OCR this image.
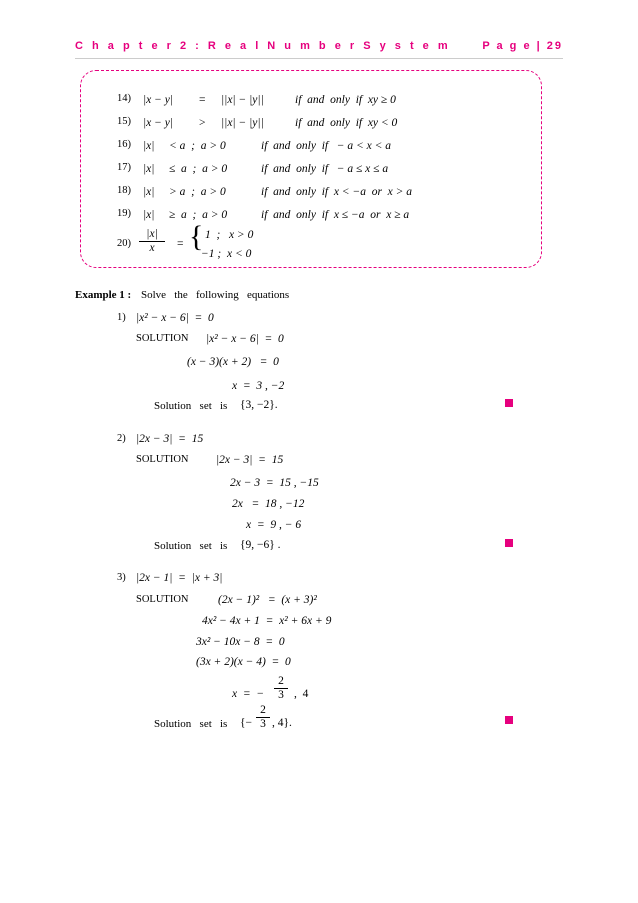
C h a p t e r 2 : R e a l N u m b e r S y s t e m	P a g e | 29
14) |x − y| = ||x| − |y||	if  and  only  if  xy ≥ 0
15) |x − y| > ||x| − |y||	if  and  only  if  xy < 0
16) |x| < a  ;  a > 0	if  and  only  if   − a < x < a
17) |x| ≤  a  ;  a > 0	if  and  only  if   − a ≤ x ≤ a
18) |x| > a  ;  a > 0	if  and  only  if  x < −a  or  x > a
19) |x| ≥  a  ;  a > 0	if  and  only  if  x ≤ −a  or  x ≥ a
$20) \frac{|x|}{x}$ = { 1  ;   x > 0
−1 ;  x < 0
Example 1 : Solve   the   following   equations
1) |x² − x − 6|  =  0
SOLUTION |x² − x − 6|  =  0
(x − 3)(x + 2)   =  0
x  =  3 , −2
Solution   set   is {3, −2}.
2) |2x − 3|  =  15
SOLUTION |2x − 3|  =  15
2x − 3  =  15 , −15
2x   =  18 , −12
x  =  9 , − 6
Solution   set   is {9, −6} .
3) |2x − 1|  =  |x + 3|
SOLUTION	(2x − 1)²   =  (x + 3)²
4x² − 4x + 1  =  x² + 6x + 9
3x² − 10x − 8  =  0
(3x + 2)(x − 4)  =  0
x  =  − $\frac{2}{3}$ ,  4
Solution   set   is {− $\frac{2}{3}$ , 4}.
